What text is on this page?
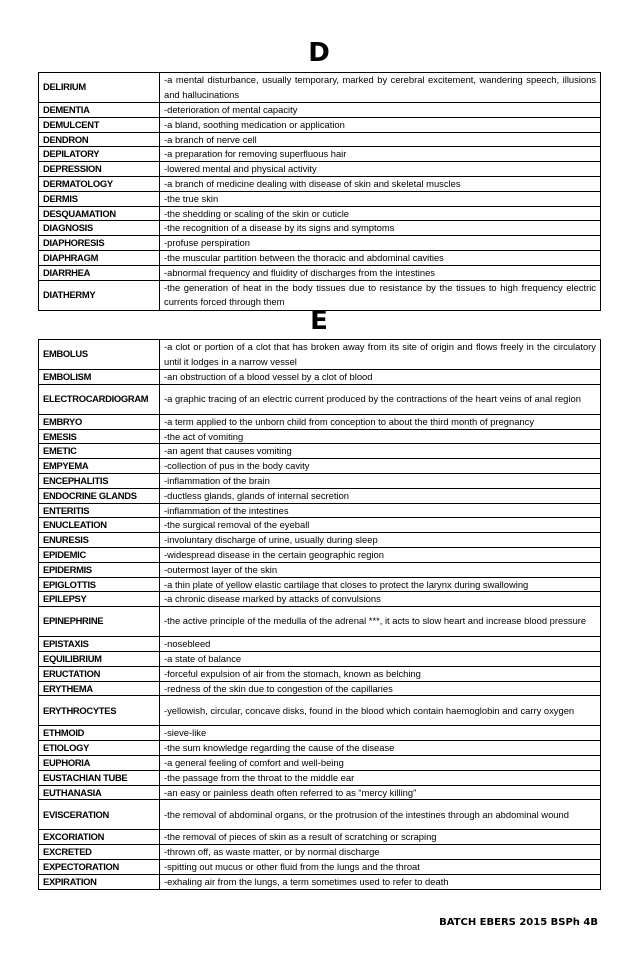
D
DELIRIUM	-a mental disturbance, usually temporary, marked by cerebral excitement, wandering speech, illusions and hallucinations
DEMENTIA	-deterioration of mental capacity
DEMULCENT	-a bland, soothing medication or application
DENDRON	-a branch of nerve cell
DEPILATORY	-a preparation for removing superfluous hair
DEPRESSION	-lowered mental and physical activity
DERMATOLOGY	-a branch of medicine dealing with disease of skin and skeletal muscles
DERMIS	-the true skin
DESQUAMATION	-the shedding or scaling of the skin or cuticle
DIAGNOSIS	-the recognition of a disease by its signs and symptoms
DIAPHORESIS	-profuse perspiration
DIAPHRAGM	-the muscular partition between the thoracic and abdominal cavities
DIARRHEA	-abnormal frequency and fluidity of discharges from the intestines
DIATHERMY	-the generation of heat in the body tissues due to resistance by the tissues to high frequency electric currents forced through them
E
EMBOLUS	-a clot or portion of a clot that has broken away from its site of origin and flows freely in the circulatory until it lodges in a narrow vessel
EMBOLISM	-an obstruction of a blood vessel by a clot of blood
ELECTROCARDIOGRAM	-a graphic tracing of an electric current produced by the contractions of the heart veins of anal region
EMBRYO	-a term applied to the unborn child from conception to about the third month of pregnancy
EMESIS	-the act of vomiting
EMETIC	-an agent that causes vomiting
EMPYEMA	-collection of pus in the body cavity
ENCEPHALITIS	-inflammation of the brain
ENDOCRINE GLANDS	-ductless glands, glands of internal secretion
ENTERITIS	-inflammation of the intestines
ENUCLEATION	-the surgical removal of the eyeball
ENURESIS	-involuntary discharge of urine, usually during sleep
EPIDEMIC	-widespread disease in the certain geographic region
EPIDERMIS	-outermost layer of the skin
EPIGLOTTIS	-a thin plate of yellow elastic cartilage that closes to protect the larynx during swallowing
EPILEPSY	-a chronic disease marked by attacks of convulsions
EPINEPHRINE	-the active principle of the medulla of the adrenal ***, it acts to slow heart and increase blood pressure
EPISTAXIS	-nosebleed
EQUILIBRIUM	-a state of balance
ERUCTATION	-forceful expulsion of air from the stomach, known as belching
ERYTHEMA	-redness of the skin due to congestion of the capillaries
ERYTHROCYTES	-yellowish, circular, concave disks, found in the blood which contain haemoglobin and carry oxygen
ETHMOID	-sieve-like
ETIOLOGY	-the sum knowledge regarding the cause of the disease
EUPHORIA	-a general feeling of comfort and well-being
EUSTACHIAN TUBE	-the passage from the throat to the middle ear
EUTHANASIA	-an easy or painless death often referred to as “mercy killing”
EVISCERATION	-the removal of abdominal organs, or the protrusion of the intestines through an abdominal wound
EXCORIATION	-the removal of pieces of skin as a result of scratching or scraping
EXCRETED	-thrown off, as waste matter, or by normal discharge
EXPECTORATION	-spitting out mucus or other fluid from the lungs and the throat
EXPIRATION	-exhaling air from the lungs, a term sometimes used to refer to death
BATCH EBERS 2015 BSPh 4B
